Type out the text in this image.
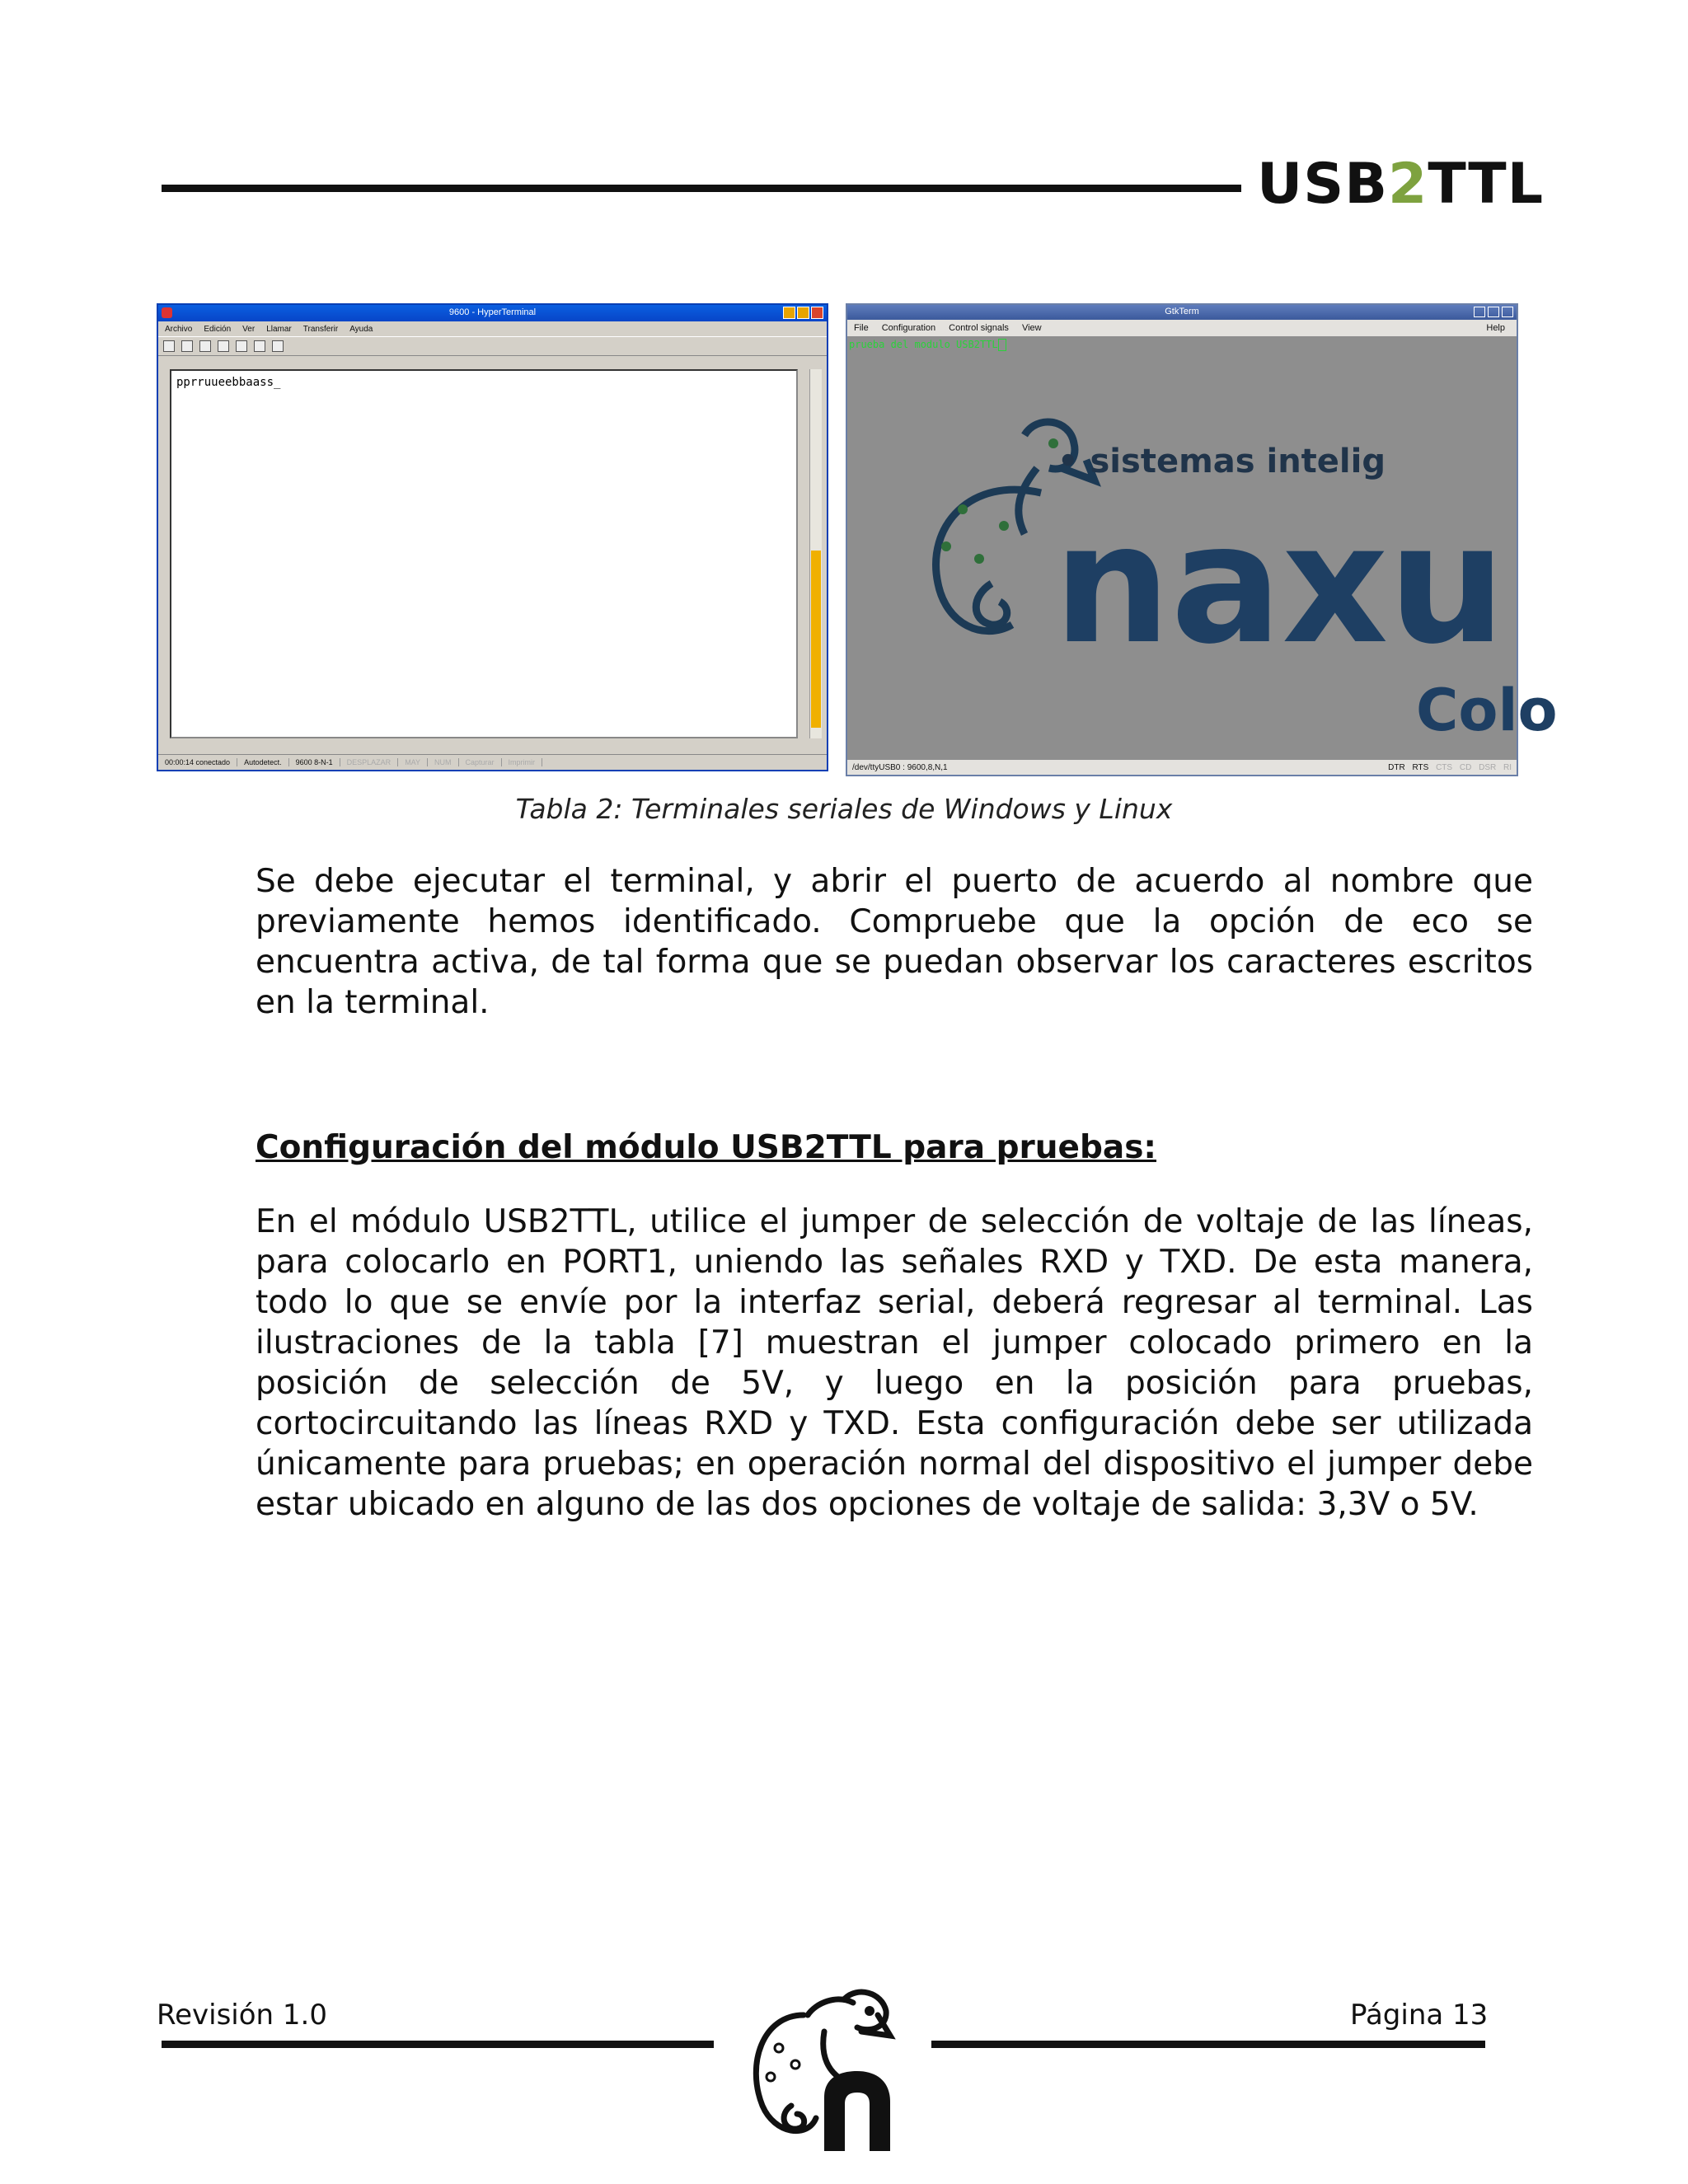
USB2TTL
9600 - HyperTerminal
Archivo Edición Ver Llamar Transferir Ayuda
pprruueebbaass_
00:00:14 conectado	Autodetect.	9600 8-N-1	DESPLAZAR	MAY	NUM	Capturar	Imprimir
GtkTerm
File Configuration Control signals View	Help
naxu
• sistemas intelig
Colo
prueba del modulo USB2TTL
/dev/ttyUSB0 : 9600,8,N,1	DTR RTS CTS CD DSR RI
Tabla 2: Terminales seriales de Windows y Linux
Se debe ejecutar el terminal, y abrir el puerto de acuerdo al nombre que previamente hemos identificado. Compruebe que la opción de eco se encuentra activa, de tal forma que se puedan observar los caracteres escritos en la terminal.
Configuración del módulo USB2TTL para pruebas:
En el módulo USB2TTL, utilice el jumper de selección de voltaje de las líneas, para colocarlo en PORT1, uniendo las señales RXD y TXD. De esta manera, todo lo que se envíe por la interfaz serial, deberá regresar al terminal. Las ilustraciones de la tabla [7] muestran el jumper colocado primero en la posición de selección de 5V, y luego en la posición para pruebas, cortocircuitando las líneas RXD y TXD. Esta configuración debe ser utilizada únicamente para pruebas; en operación normal del dispositivo el jumper debe estar ubicado en alguno de las dos opciones de voltaje de salida: 3,3V o 5V.
Revisión 1.0	Página 13
